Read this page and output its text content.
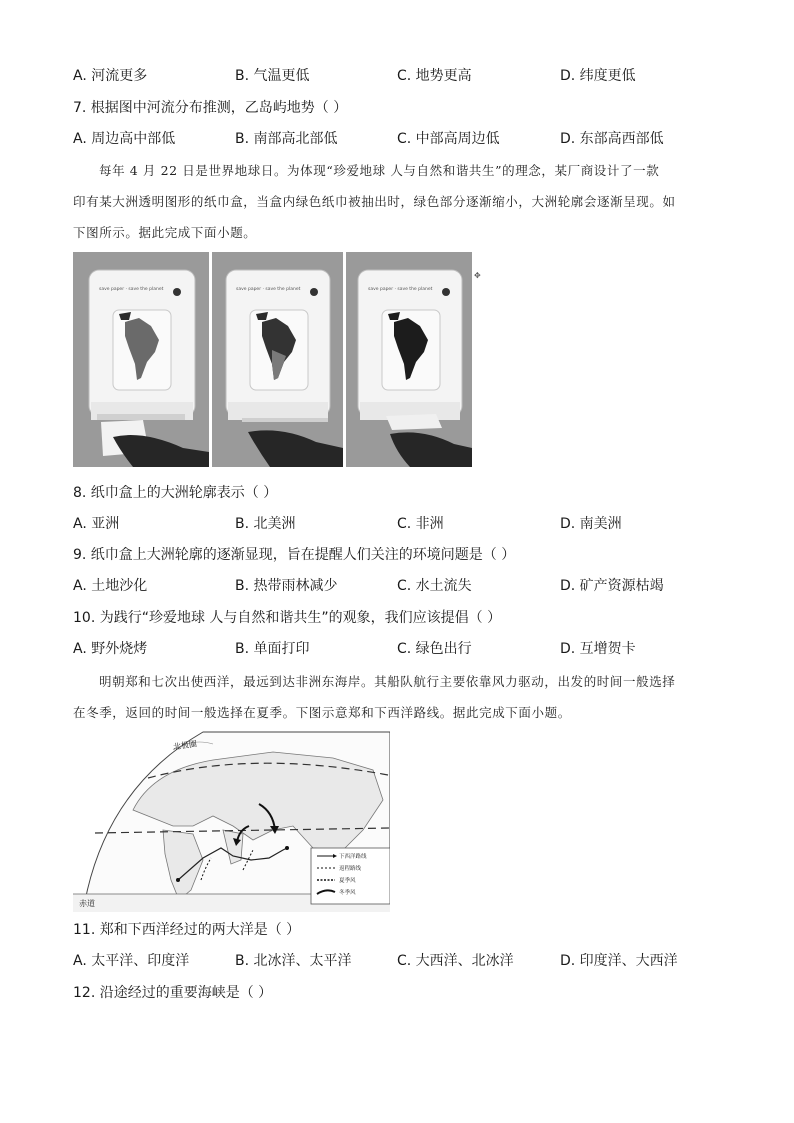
A. 河流更多	B. 气温更低	C. 地势更高	D. 纬度更低
7. 根据图中河流分布推测，乙岛屿地势（ ）
A. 周边高中部低	B. 南部高北部低	C. 中部高周边低	D. 东部高西部低
每年 4 月 22 日是世界地球日。为体现“珍爱地球 人与自然和谐共生”的理念，某厂商设计了一款
印有某大洲透明图形的纸巾盒，当盒内绿色纸巾被抽出时，绿色部分逐渐缩小，大洲轮廓会逐渐呈现。如
下图所示。据此完成下面小题。
save paper · save the planet	save paper · save the planet	save paper · save the planet
✥
8. 纸巾盒上的大洲轮廓表示（ ）
A. 亚洲	B. 北美洲	C. 非洲	D. 南美洲
9. 纸巾盒上大洲轮廓的逐渐显现，旨在提醒人们关注的环境问题是（ ）
A. 土地沙化	B. 热带雨林减少	C. 水土流失	D. 矿产资源枯竭
10. 为践行“珍爱地球 人与自然和谐共生”的观象，我们应该提倡（ ）
A. 野外烧烤	B. 单面打印	C. 绿色出行	D. 互增贺卡
明朝郑和七次出使西洋，最远到达非洲东海岸。其船队航行主要依靠风力驱动，出发的时间一般选择
在冬季，返回的时间一般选择在夏季。下图示意郑和下西洋路线。据此完成下面小题。
北极圈
赤道
下西洋路线
返程路线
夏季风
冬季风
11. 郑和下西洋经过的两大洋是（ ）
A. 太平洋、印度洋	B. 北冰洋、太平洋	C. 大西洋、北冰洋	D. 印度洋、大西洋
12. 沿途经过的重要海峡是（ ）
